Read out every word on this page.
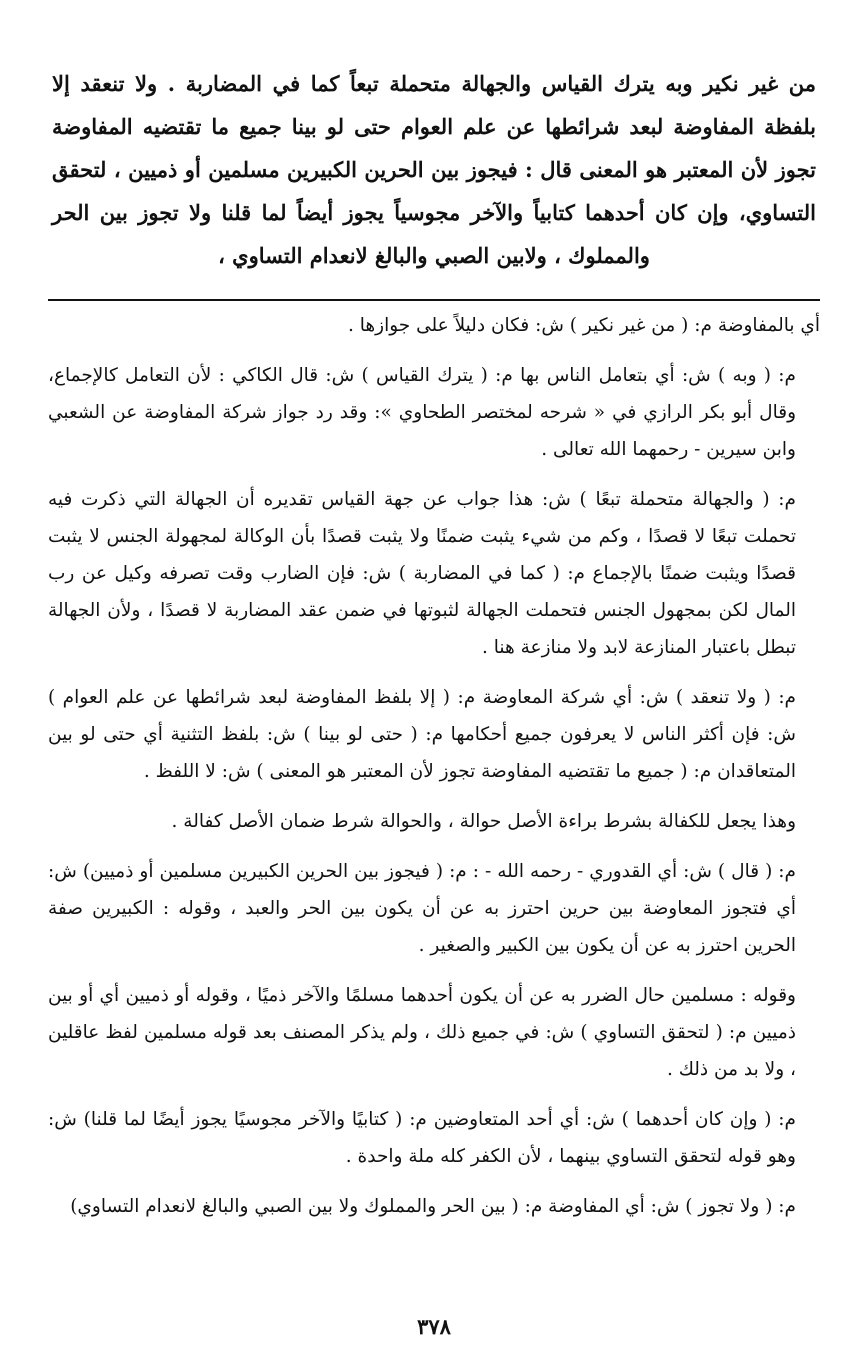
من غير نكير وبه يترك القياس والجهالة متحملة تبعاً كما في المضاربة . ولا تنعقد إلا بلفظة المفاوضة لبعد شرائطها عن علم العوام حتى لو بينا جميع ما تقتضيه المفاوضة تجوز لأن المعتبر هو المعنى قال : فيجوز بين الحرين الكبيرين مسلمين أو ذميين ، لتحقق التساوي، وإن كان أحدهما كتابياً والآخر مجوسياً يجوز أيضاً لما قلنا ولا تجوز بين الحر والمملوك ، ولابين الصبي والبالغ لانعدام التساوي ،

أي بالمفاوضة م: ( من غير نكير ) ش: فكان دليلاً على جوازها .

م: ( وبه ) ش: أي بتعامل الناس بها م: ( يترك القياس ) ش: قال الكاكي : لأن التعامل كالإجماع، وقال أبو بكر الرازي في « شرحه لمختصر الطحاوي »: وقد رد جواز شركة المفاوضة عن الشعبي وابن سيرين - رحمهما الله تعالى .

م: ( والجهالة متحملة تبعًا ) ش: هذا جواب عن جهة القياس تقديره أن الجهالة التي ذكرت فيه تحملت تبعًا لا قصدًا ، وكم من شيء يثبت ضمنًا ولا يثبت قصدًا بأن الوكالة لمجهولة الجنس لا يثبت قصدًا ويثبت ضمنًا بالإجماع م: ( كما في المضاربة ) ش: فإن الضارب وقت تصرفه وكيل عن رب المال لكن بمجهول الجنس فتحملت الجهالة لثبوتها في ضمن عقد المضاربة لا قصدًا ، ولأن الجهالة تبطل باعتبار المنازعة لابد ولا منازعة هنا .

م: ( ولا تنعقد ) ش: أي شركة المعاوضة م: ( إلا بلفظ المفاوضة لبعد شرائطها عن علم العوام ) ش: فإن أكثر الناس لا يعرفون جميع أحكامها م: ( حتى لو بينا ) ش: بلفظ التثنية أي حتى لو بين المتعاقدان م: ( جميع ما تقتضيه المفاوضة تجوز لأن المعتبر هو المعنى ) ش: لا اللفظ .

وهذا يجعل للكفالة بشرط براءة الأصل حوالة ، والحوالة شرط ضمان الأصل كفالة .

م: ( قال ) ش: أي القدوري - رحمه الله - : م: ( فيجوز بين الحرين الكبيرين مسلمين أو ذميين) ش: أي فتجوز المعاوضة بين حرين احترز به عن أن يكون بين الحر والعبد ، وقوله : الكبيرين صفة الحرين احترز به عن أن يكون بين الكبير والصغير .

وقوله : مسلمين حال الضرر به عن أن يكون أحدهما مسلمًا والآخر ذميًا ، وقوله أو ذميين أي أو بين ذميين م: ( لتحقق التساوي ) ش: في جميع ذلك ، ولم يذكر المصنف بعد قوله مسلمين لفظ عاقلين ، ولا بد من ذلك .

م: ( وإن كان أحدهما ) ش: أي أحد المتعاوضين م: ( كتابيًا والآخر مجوسيًا يجوز أيضًا لما قلنا) ش: وهو قوله لتحقق التساوي بينهما ، لأن الكفر كله ملة واحدة .

م: ( ولا تجوز ) ش: أي المفاوضة م: ( بين الحر والمملوك ولا بين الصبي والبالغ لانعدام التساوي)

٣٧٨
